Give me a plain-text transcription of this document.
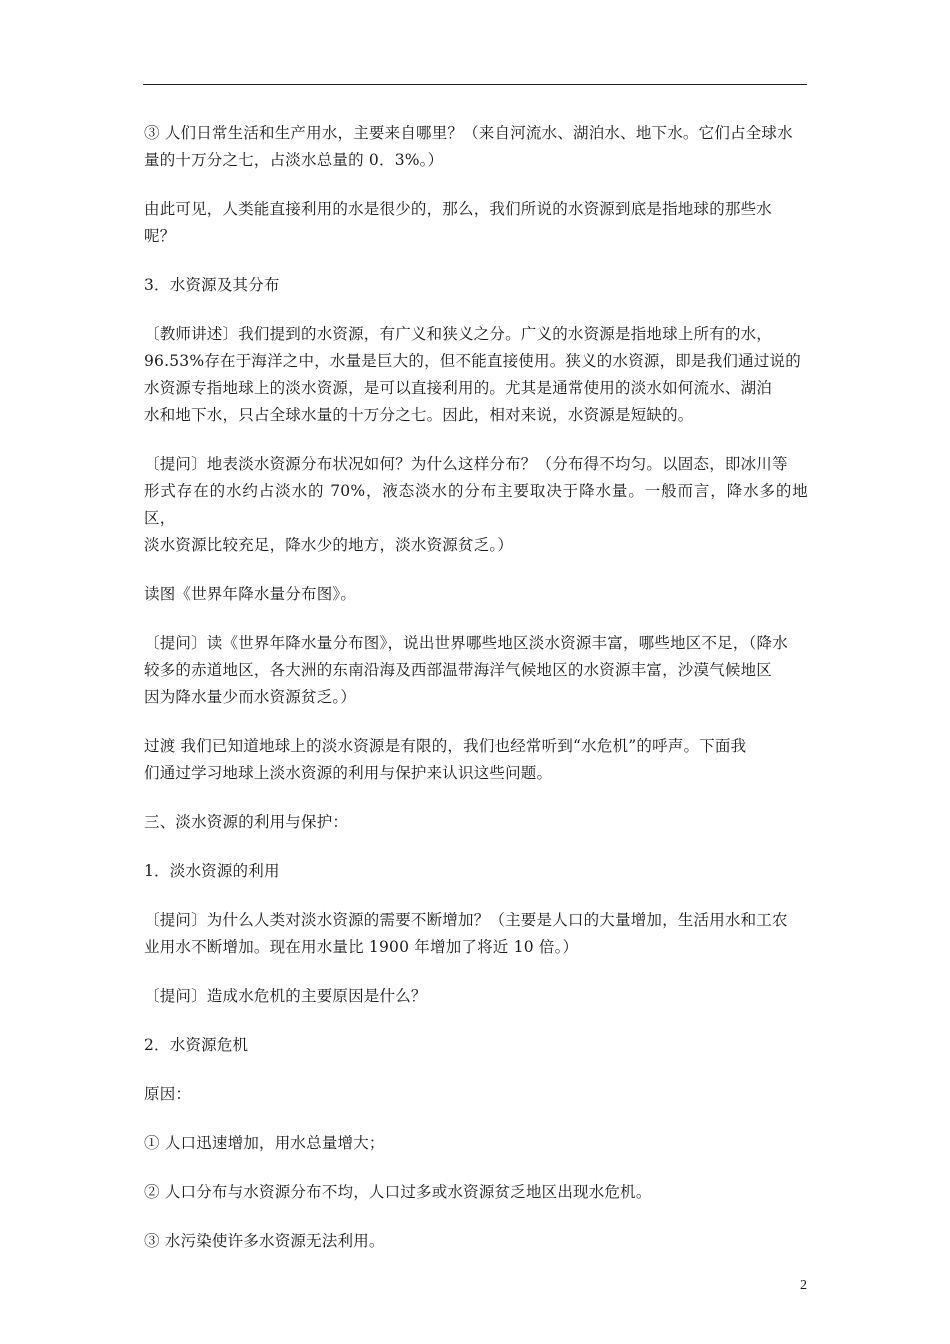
③ 人们日常生活和生产用水，主要来自哪里？（来自河流水、湖泊水、地下水。它们占全球水
量的十万分之七，占淡水总量的 0．3%。）

由此可见，人类能直接利用的水是很少的，那么，我们所说的水资源到底是指地球的那些水
呢？

3．水资源及其分布

〔教师讲述〕我们提到的水资源，有广义和狭义之分。广义的水资源是指地球上所有的水，
96.53%存在于海洋之中，水量是巨大的，但不能直接使用。狭义的水资源，即是我们通过说的
水资源专指地球上的淡水资源，是可以直接利用的。尤其是通常使用的淡水如何流水、湖泊
水和地下水，只占全球水量的十万分之七。因此，相对来说，水资源是短缺的。

〔提问〕地表淡水资源分布状况如何？为什么这样分布？（分布得不均匀。以固态，即冰川等
形式存在的水约占淡水的 70%，液态淡水的分布主要取决于降水量。一般而言，降水多的地区，
淡水资源比较充足，降水少的地方，淡水资源贫乏。）

读图《世界年降水量分布图》。

〔提问〕读《世界年降水量分布图》，说出世界哪些地区淡水资源丰富，哪些地区不足，（降水
较多的赤道地区，各大洲的东南沿海及西部温带海洋气候地区的水资源丰富，沙漠气候地区
因为降水量少而水资源贫乏。）

过渡 我们已知道地球上的淡水资源是有限的，我们也经常听到“水危机”的呼声。下面我
们通过学习地球上淡水资源的利用与保护来认识这些问题。

三、淡水资源的利用与保护：

1．淡水资源的利用

〔提问〕为什么人类对淡水资源的需要不断增加？（主要是人口的大量增加，生活用水和工农
业用水不断增加。现在用水量比 1900 年增加了将近 10 倍。）

〔提问〕造成水危机的主要原因是什么？

2．水资源危机

原因：

① 人口迅速增加，用水总量增大；

② 人口分布与水资源分布不均，人口过多或水资源贫乏地区出现水危机。

③ 水污染使许多水资源无法利用。

2
